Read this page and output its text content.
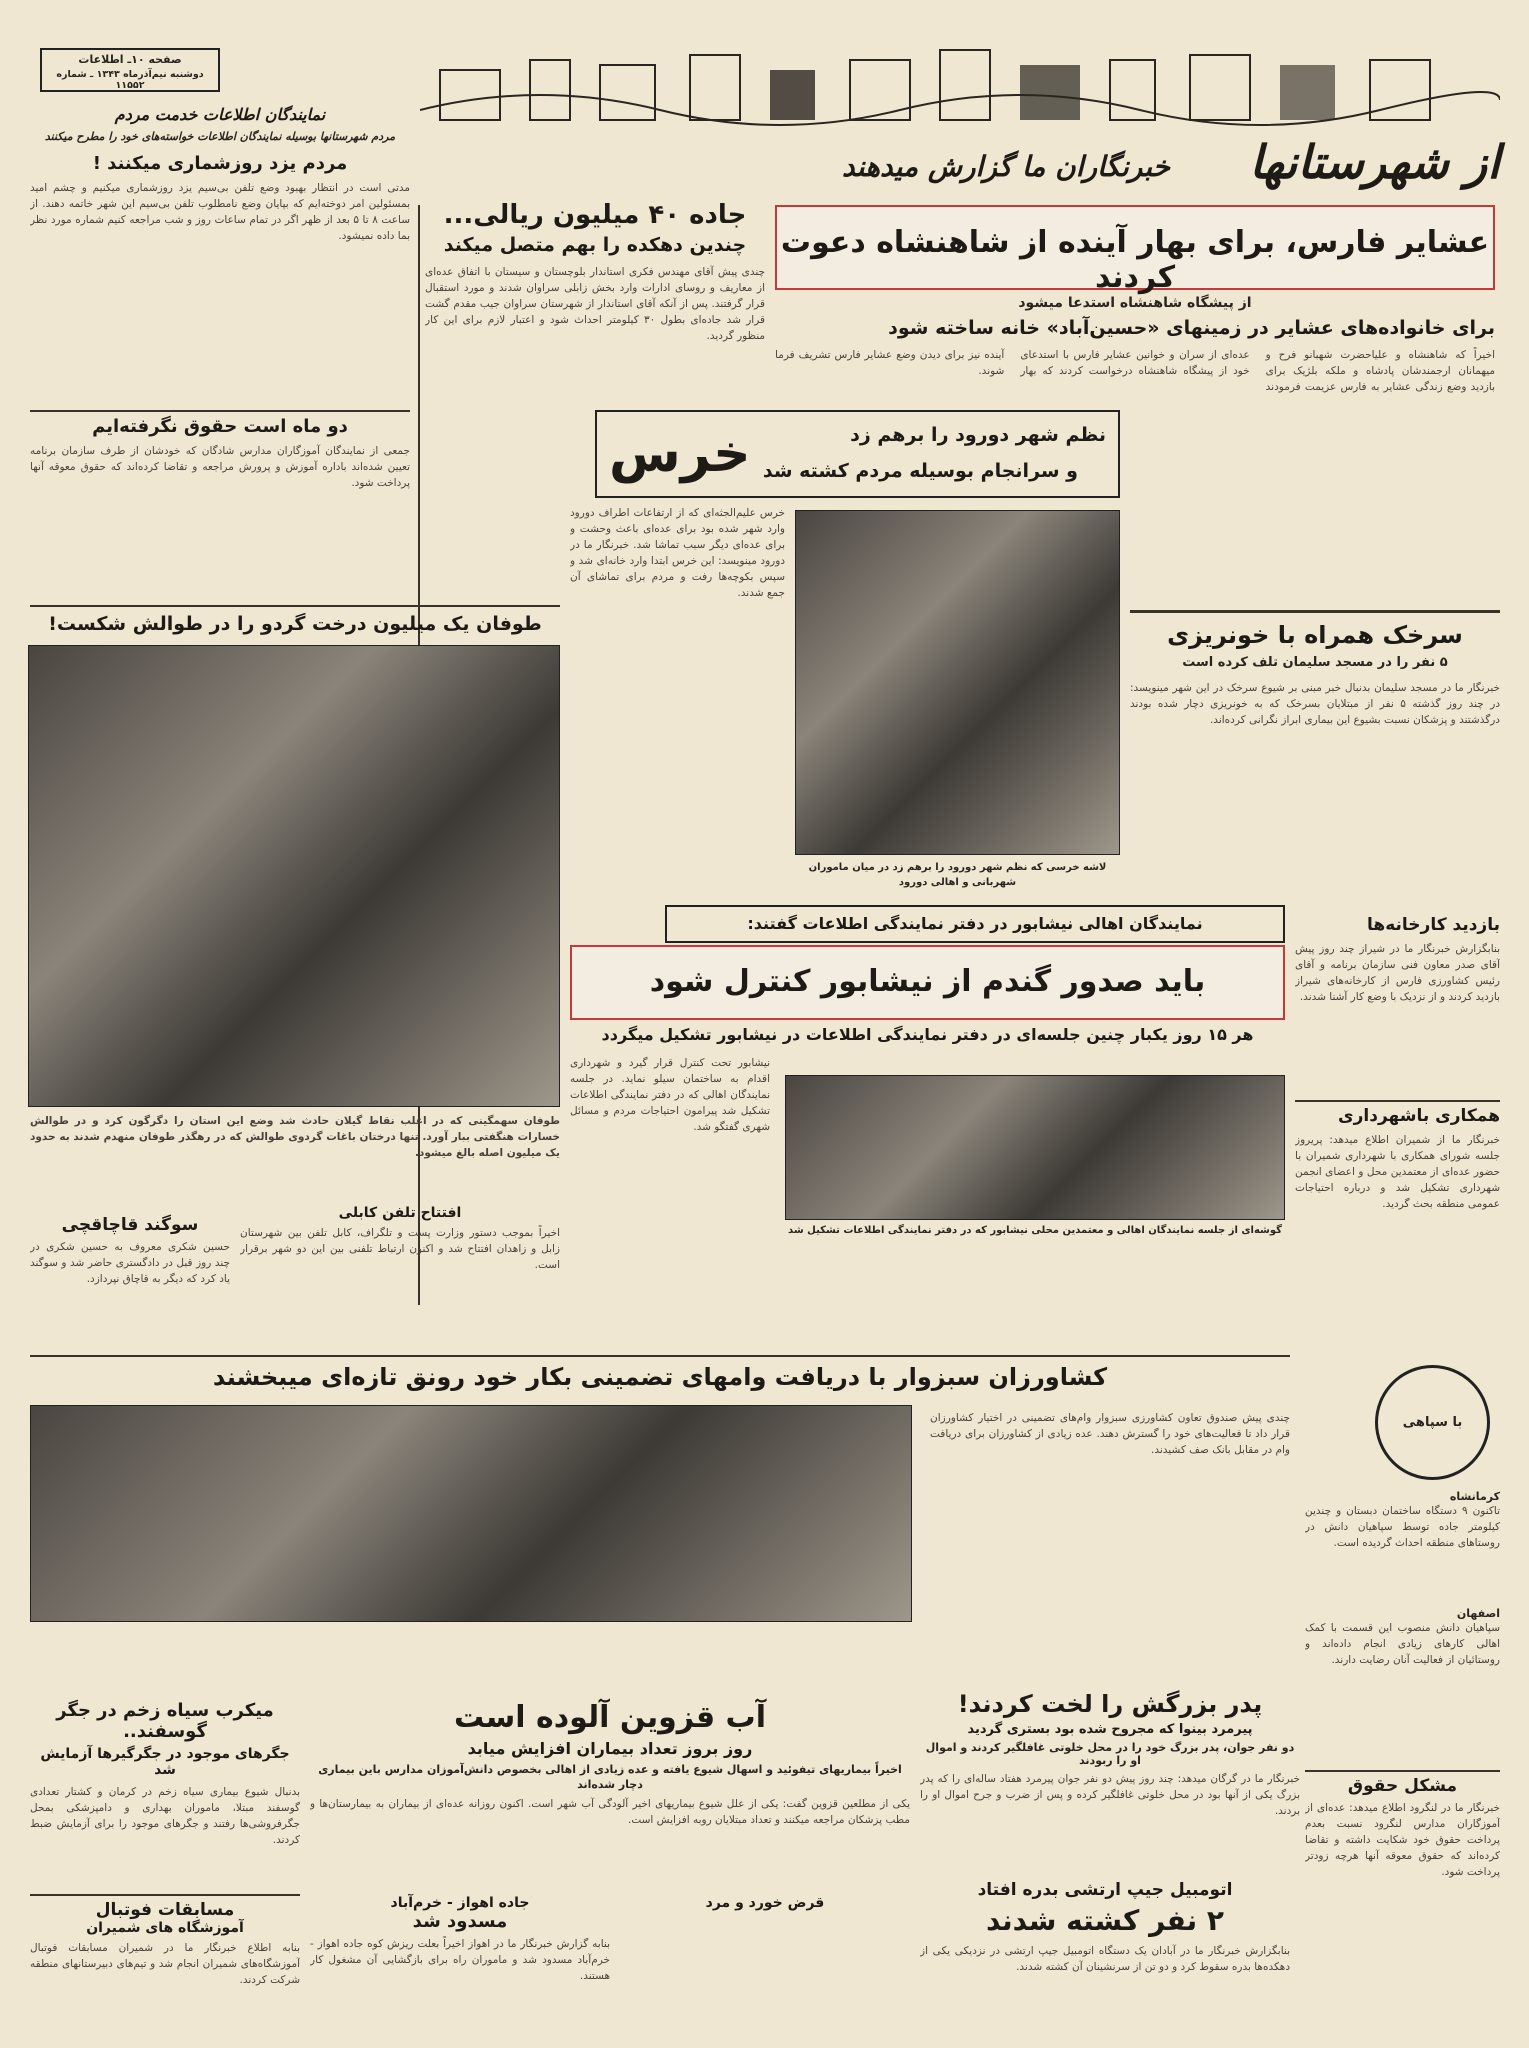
صفحه ۱۰ـ اطلاعات
دوشنبه نیم‌آذرماه ۱۳۴۳ ـ شماره ۱۱۵۵۲
از شهرستانها
خبرنگاران ما گزارش میدهند
نمایندگان اطلاعات خدمت مردم
مردم شهرستانها بوسیله نمایندگان اطلاعات خواسته‌های خود را مطرح میکنند
مردم یزد روزشماری میکنند !
مدتی است در انتظار بهبود وضع تلفن بی‌سیم یزد روزشماری میکنیم و چشم امید بمسئولین امر دوخته‌ایم که بپایان وضع نامطلوب تلفن بی‌سیم این شهر خاتمه دهند. از ساعت ۸ تا ۵ بعد از ظهر اگر در تمام ساعات روز و شب مراجعه کنیم شماره مورد نظر بما داده نمیشود.
دو ماه است حقوق نگرفته‌ایم
جمعی از نمایندگان آموزگاران مدارس شادگان که خودشان از طرف سازمان برنامه تعیین شده‌اند باداره آموزش و پرورش مراجعه و تقاضا کرده‌اند که حقوق معوقه آنها پرداخت شود.
جاده ۴۰ میلیون ریالی...
چندین دهکده را بهم متصل میکند
چندی پیش آقای مهندس فکری استاندار بلوچستان و سیستان با اتفاق عده‌ای از معاریف و روسای ادارات وارد بخش زابلی سراوان شدند و مورد استقبال قرار گرفتند. پس از آنکه آقای استاندار از شهرستان سراوان جیب مقدم گشت قرار شد جاده‌ای بطول ۳۰ کیلومتر احداث شود و اعتبار لازم برای این کار منظور گردید.
عشایر فارس، برای بهار آینده از شاهنشاه دعوت کردند
از پیشگاه شاهنشاه استدعا میشود
برای خانواده‌های عشایر در زمینهای «حسین‌آباد» خانه ساخته شود
اخیراً که شاهنشاه و علیاحضرت شهبانو فرح و میهمانان ارجمندشان پادشاه و ملکه بلژیک برای بازدید وضع زندگی عشایر به فارس عزیمت فرمودند عده‌ای از سران و خوانین عشایر فارس با استدعای خود از پیشگاه شاهنشاه درخواست کردند که بهار آینده نیز برای دیدن وضع عشایر فارس تشریف فرما شوند.
خرس	نظم شهر دورود را برهم زد
و سرانجام بوسیله مردم کشته شد
خرس علیم‌الجثه‌ای که از ارتفاعات اطراف دورود وارد شهر شده بود برای عده‌ای باعث وحشت و برای عده‌ای دیگر سبب تماشا شد. خبرنگار ما در دورود مینویسد: این خرس ابتدا وارد خانه‌ای شد و سپس بکوچه‌ها رفت و مردم برای تماشای آن جمع شدند.
لاشه خرسی که نظم شهر دورود را برهم زد در میان ماموران شهربانی و اهالی دورود
سرخک همراه با خونریزی
۵ نفر را در مسجد سلیمان تلف کرده است
خبرنگار ما در مسجد سلیمان بدنبال خبر مبنی بر شیوع سرخک در این شهر مینویسد: در چند روز گذشته ۵ نفر از مبتلایان بسرخک که به خونریزی دچار شده بودند درگذشتند و پزشکان نسبت بشیوع این بیماری ابراز نگرانی کرده‌اند.
طوفان یک میلیون درخت گردو را در طوالش شکست!
طوفان سهمگینی که در اغلب نقاط گیلان حادث شد وضع این استان را دگرگون کرد و در طوالش خسارات هنگفتی ببار آورد. تنها درختان باغات گردوی طوالش که در رهگذر طوفان منهدم شدند به حدود یک میلیون اصله بالغ میشود.
نمایندگان اهالی نیشابور در دفتر نمایندگی اطلاعات گفتند:
باید صدور گندم از نیشابور کنترل شود
هر ۱۵ روز یکبار چنین جلسه‌ای در دفتر نمایندگی اطلاعات در نیشابور تشکیل میگردد
نیشابور تحت کنترل قرار گیرد و شهرداری اقدام به ساختمان سیلو نماید. در جلسه نمایندگان اهالی که در دفتر نمایندگی اطلاعات تشکیل شد پیرامون احتیاجات مردم و مسائل شهری گفتگو شد.
گوشه‌ای از جلسه نمایندگان اهالی و معتمدین محلی نیشابور که در دفتر نمایندگی اطلاعات تشکیل شد
بازدید کارخانه‌ها
بنابگزارش خبرنگار ما در شیراز چند روز پیش آقای صدر معاون فنی سازمان برنامه و آقای رئیس کشاورزی فارس از کارخانه‌های شیراز بازدید کردند و از نزدیک با وضع کار آشنا شدند.
همکاری باشهرداری
خبرنگار ما از شمیران اطلاع میدهد: پریروز جلسه شورای همکاری با شهرداری شمیران با حضور عده‌ای از معتمدین محل و اعضای انجمن شهرداری تشکیل شد و درباره احتیاجات عمومی منطقه بحث گردید.
سوگند قاچاقچی
حسین شکری معروف به حسین شکری در چند روز قبل در دادگستری حاضر شد و سوگند یاد کرد که دیگر به قاچاق نپردازد.
افتتاح تلفن کابلی
اخیراً بموجب دستور وزارت پست و تلگراف، کابل تلفن بین شهرستان زابل و زاهدان افتتاح شد و اکنون ارتباط تلفنی بین این دو شهر برقرار است.
کشاورزان سبزوار با دریافت وامهای تضمینی بکار خود رونق تازه‌ای میبخشند
چندی پیش صندوق تعاون کشاورزی سبزوار وام‌های تضمینی در اختیار کشاورزان قرار داد تا فعالیت‌های خود را گسترش دهند. عده زیادی از کشاورزان برای دریافت وام در مقابل بانک صف کشیدند.
میکرب سیاه زخم در جگر گوسفند..
جگرهای موجود در جگرگیرها آزمایش شد
بدنبال شیوع بیماری سیاه زخم در کرمان و کشتار تعدادی گوسفند مبتلا، ماموران بهداری و دامپزشکی بمحل جگرفروشی‌ها رفتند و جگرهای موجود را برای آزمایش ضبط کردند.
مسابقات فوتبال
آموزشگاه های شمیران
بنابه اطلاع خبرنگار ما در شمیران مسابقات فوتبال آموزشگاه‌های شمیران انجام شد و تیم‌های دبیرستانهای منطقه شرکت کردند.
جاده اهواز - خرم‌آباد
مسدود شد
بنابه گزارش خبرنگار ما در اهواز اخیراً بعلت ریزش کوه جاده اهواز - خرم‌آباد مسدود شد و ماموران راه برای بازگشایی آن مشغول کار هستند.
آب قزوین آلوده است
روز بروز تعداد بیماران افزایش میابد
اخیراً بیماریهای تیفوئید و اسهال شیوع یافته و عده زیادی از اهالی بخصوص دانش‌آموزان مدارس باین بیماری دچار شده‌اند
یکی از مطلعین قزوین گفت: یکی از علل شیوع بیماریهای اخیر آلودگی آب شهر است. اکنون روزانه عده‌ای از بیماران به بیمارستان‌ها و مطب پزشکان مراجعه میکنند و تعداد مبتلایان روبه افزایش است.
قرض خورد و مرد
اتومبیل جیپ ارتشی بدره افتاد
۲ نفر کشته شدند
بنابگزارش خبرنگار ما در آبادان یک دستگاه اتومبیل جیپ ارتشی در نزدیکی یکی از دهکده‌ها بدره سقوط کرد و دو تن از سرنشینان آن کشته شدند.
پدر بزرگش را لخت کردند!
پیرمرد بینوا که مجروح شده بود بستری گردید
دو نفر جوان، پدر بزرگ خود را در محل خلوتی غافلگیر کردند و اموال او را ربودند
خبرنگار ما در گرگان میدهد: چند روز پیش دو نفر جوان پیرمرد هفتاد ساله‌ای را که پدر بزرگ یکی از آنها بود در محل خلوتی غافلگیر کرده و پس از ضرب و جرح اموال او را بردند.
مشکل حقوق
خبرنگار ما در لنگرود اطلاع میدهد: عده‌ای از آموزگاران مدارس لنگرود نسبت بعدم پرداخت حقوق خود شکایت داشته و تقاضا کرده‌اند که حقوق معوقه آنها هرچه زودتر پرداخت شود.
با سپاهی
کرمانشاه
تاکنون ۹ دستگاه ساختمان دبستان و چندین کیلومتر جاده توسط سپاهیان دانش در روستاهای منطقه احداث گردیده است.
اصفهان
سپاهیان دانش منصوب این قسمت با کمک اهالی کارهای زیادی انجام داده‌اند و روستائیان از فعالیت آنان رضایت دارند.
